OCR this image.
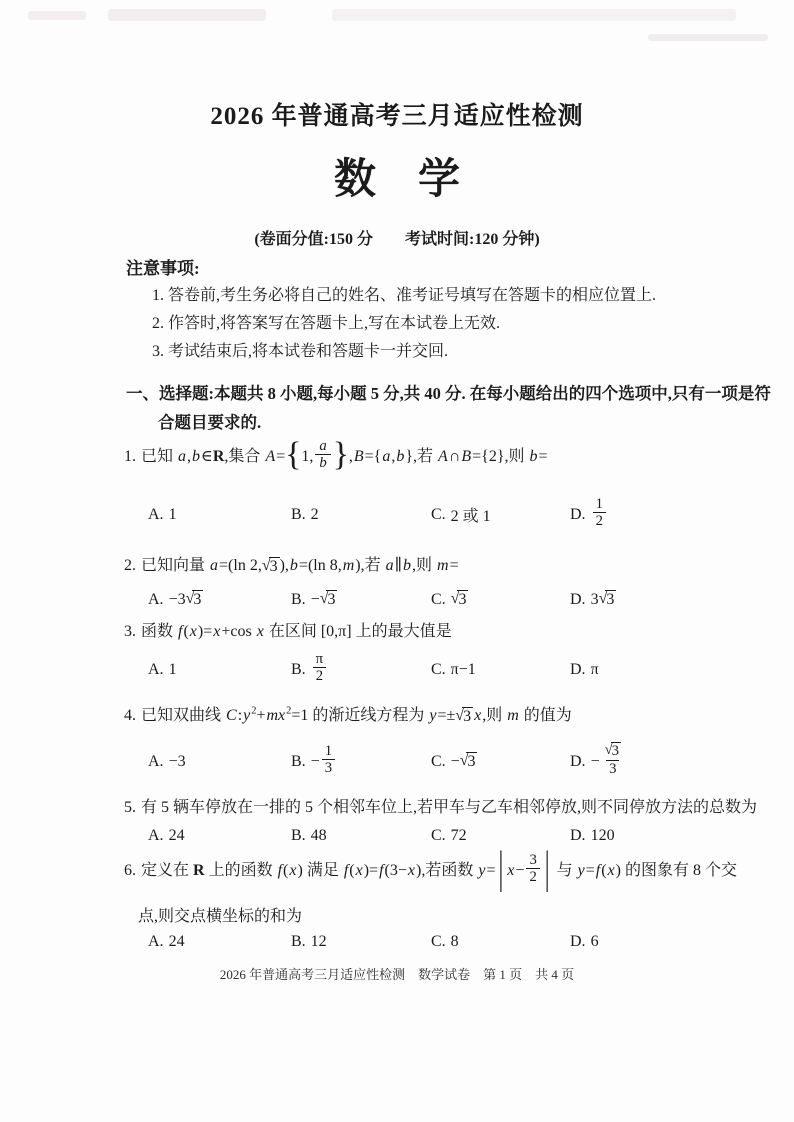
2026 年普通高考三月适应性检测
数　学
(卷面分值:150 分　　考试时间:120 分钟)
注意事项:
1. 答卷前,考生务必将自己的姓名、准考证号填写在答题卡的相应位置上.
2. 作答时,将答案写在答题卡上,写在本试卷上无效.
3. 考试结束后,将本试卷和答题卡一并交回.
一、选择题:本题共 8 小题,每小题 5 分,共 40 分. 在每小题给出的四个选项中,只有一项是符
合题目要求的.
1. 已知 a,b∈R,集合 A={1, $\frac{a}{b} \},B=\{a,b\}$,若 A∩B={2},则 b=
A. 1	B. 2	C. 2 或 1	D. $\frac{1}{2}$
2. 已知向量 a=(ln 2, √ 3 ),b=(ln 8,m),若 a∥b,则 m=
A. −3 √ 3	B. − √ 3	C. √ 3	D. 3 √ 3
3. 函数 f(x)=x+cos x 在区间 [0,π] 上的最大值是
A. 1	B. $\frac{\pi}{2}$	C. π−1	D. π
4. 已知双曲线 $C:y^2+mx^2=1$ 的渐近线方程为 y=± √ 3 x,则 m 的值为
A. −3	B. − $\frac{1}{3}$	C. − √ 3	D. − $\frac{√ 3}{3}$
5. 有 5 辆车停放在一排的 5 个相邻车位上,若甲车与乙车相邻停放,则不同停放方法的总数为
A. 24	B. 48	C. 72	D. 120
6. 定义在 R 上的函数 f(x) 满足 f(x)=f(3−x),若函数 y= | $x- \frac{3}{2}$ | 与 y=f(x) 的图象有 8 个交
A. 24	B. 12	C. 8	D. 6
点,则交点横坐标的和为
2026 年普通高考三月适应性检测　数学试卷　第 1 页　共 4 页
